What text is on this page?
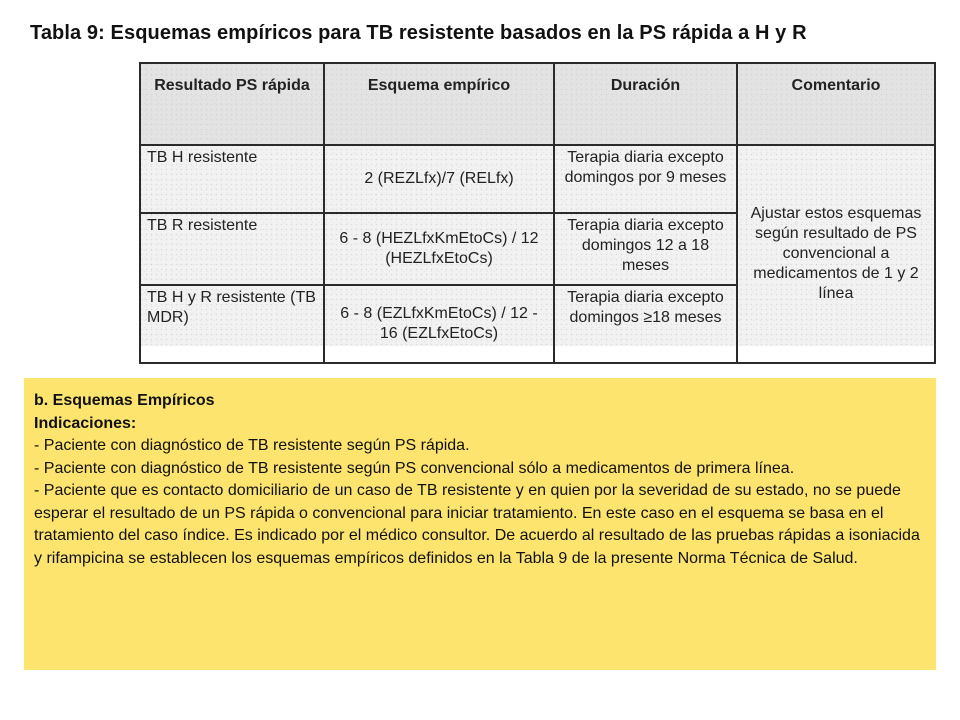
Tabla 9: Esquemas empíricos para TB resistente basados en la PS rápida a H y R
Resultado PS rápida	Esquema empírico	Duración	Comentario
TB H resistente	2 (REZLfx)/7 (RELfx)	Terapia diaria excepto domingos por 9 meses	Ajustar estos esquemas según resultado de PS convencional a medicamentos de 1 y 2 línea
TB R resistente	6 - 8 (HEZLfxKmEtoCs) / 12 (HEZLfxEtoCs)	Terapia diaria excepto domingos 12 a 18 meses	
TB H y R resistente (TB MDR)	6 - 8 (EZLfxKmEtoCs) / 12 - 16 (EZLfxEtoCs)	Terapia diaria excepto domingos ≥18 meses	

b. Esquemas Empíricos

Indicaciones:

- Paciente con diagnóstico de TB resistente según PS rápida.

- Paciente con diagnóstico de TB resistente según PS convencional sólo a medicamentos de primera línea.

- Paciente que es contacto domiciliario de un caso de TB resistente y en quien por la severidad de su estado, no se puede esperar el resultado de un PS rápida o convencional para iniciar tratamiento. En este caso en el esquema se basa en el tratamiento del caso índice. Es indicado por el médico consultor. De acuerdo al resultado de las pruebas rápidas a isoniacida y rifampicina se establecen los esquemas empíricos definidos en la Tabla 9 de la presente Norma Técnica de Salud.
